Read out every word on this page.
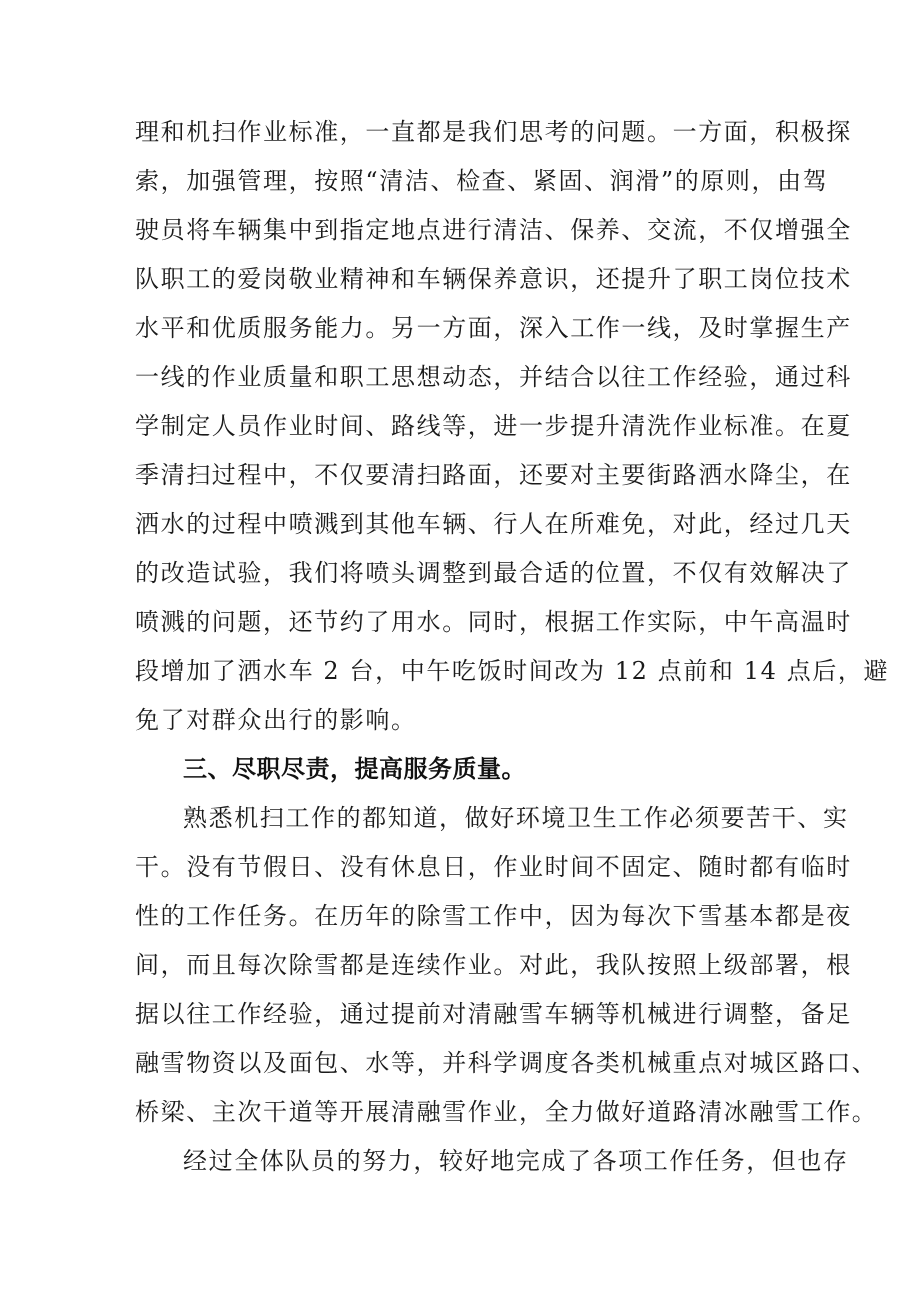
理和机扫作业标准，一直都是我们思考的问题。一方面，积极探
索，加强管理，按照“清洁、检查、紧固、润滑”的原则，由驾
驶员将车辆集中到指定地点进行清洁、保养、交流，不仅增强全
队职工的爱岗敬业精神和车辆保养意识，还提升了职工岗位技术
水平和优质服务能力。另一方面，深入工作一线，及时掌握生产
一线的作业质量和职工思想动态，并结合以往工作经验，通过科
学制定人员作业时间、路线等，进一步提升清洗作业标准。在夏
季清扫过程中，不仅要清扫路面，还要对主要街路洒水降尘，在
洒水的过程中喷溅到其他车辆、行人在所难免，对此，经过几天
的改造试验，我们将喷头调整到最合适的位置，不仅有效解决了
喷溅的问题，还节约了用水。同时，根据工作实际，中午高温时
段增加了洒水车 2 台，中午吃饭时间改为 12 点前和 14 点后，避
免了对群众出行的影响。
三、尽职尽责，提高服务质量。
熟悉机扫工作的都知道，做好环境卫生工作必须要苦干、实
干。没有节假日、没有休息日，作业时间不固定、随时都有临时
性的工作任务。在历年的除雪工作中，因为每次下雪基本都是夜
间，而且每次除雪都是连续作业。对此，我队按照上级部署，根
据以往工作经验，通过提前对清融雪车辆等机械进行调整，备足
融雪物资以及面包、水等，并科学调度各类机械重点对城区路口、
桥梁、主次干道等开展清融雪作业，全力做好道路清冰融雪工作。
经过全体队员的努力，较好地完成了各项工作任务，但也存
